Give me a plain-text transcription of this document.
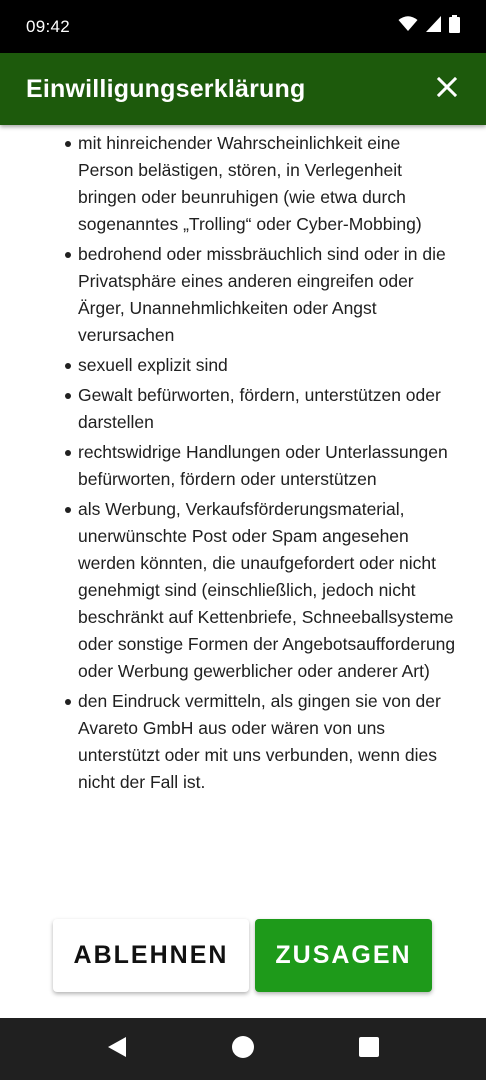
09:42
Einwilligungserklärung
mit hinreichender Wahrscheinlichkeit eine Person belästigen, stören, in Verlegenheit bringen oder beunruhigen (wie etwa durch sogenanntes „Trolling“ oder Cyber-Mobbing)
bedrohend oder missbräuchlich sind oder in die Privatsphäre eines anderen eingreifen oder Ärger, Unannehmlichkeiten oder Angst verursachen
sexuell explizit sind
Gewalt befürworten, fördern, unterstützen oder darstellen
rechtswidrige Handlungen oder Unterlassungen befürworten, fördern oder unterstützen
als Werbung, Verkaufsförderungsmaterial, unerwünschte Post oder Spam angesehen werden könnten, die unaufgefordert oder nicht genehmigt sind (einschließlich, jedoch nicht beschränkt auf Kettenbriefe, Schneeballsysteme oder sonstige Formen der Angebotsaufforderung oder Werbung gewerblicher oder anderer Art)
den Eindruck vermitteln, als gingen sie von der Avareto GmbH aus oder wären von uns unterstützt oder mit uns verbunden, wenn dies nicht der Fall ist.
ABLEHNEN	ZUSAGEN
